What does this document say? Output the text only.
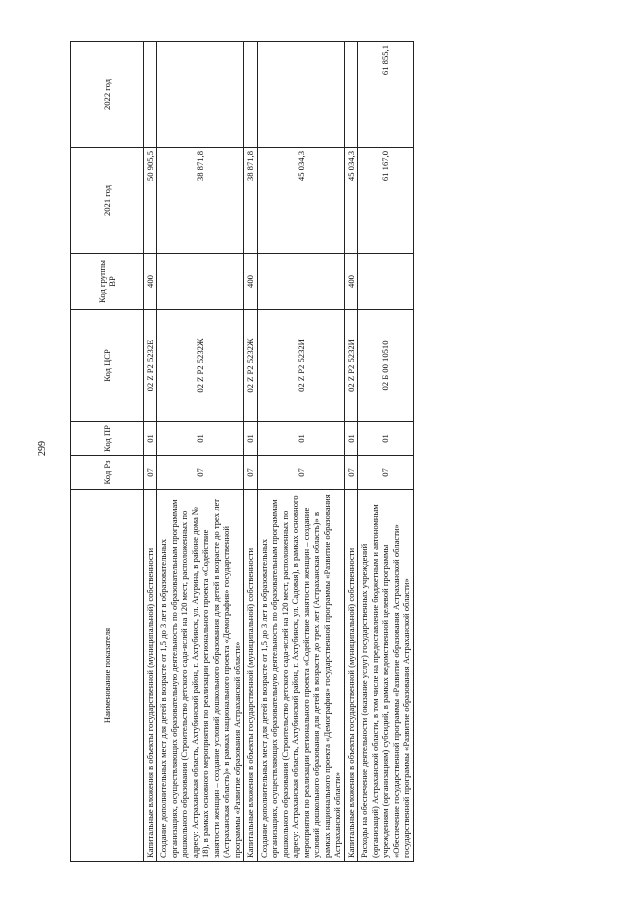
299
Наименование показателя	Код Рз	Код ПР	Код ЦСР	Код группы ВР	2021 год	2022 год
Капитальные вложения в объекты государственной (муниципальной) собственности	07	01	02 Z P2 5232Е	400	50 905,5	
Создание дополнительных мест для детей в возрасте от 1,5 до 3 лет в образовательных организациях, осуществляющих образовательную деятельность по образовательным программам дошкольного образования (Строительство детского сада-яслей на 120 мест, расположенных по адресу: Астраханская область, Ахтубинский район, г. Ахтубинск, ул. Агурина, в районе дома № 18), в рамках основного мероприятия по реализации регионального проекта «Содействие занятости женщин – создание условий дошкольного образования для детей в возрасте до трех лет (Астраханская область)» в рамках национального проекта «Демография» государственной программы «Развитие образования Астраханской области»	07	01	02 Z P2 5232Ж		38 871,8	
Капитальные вложения в объекты государственной (муниципальной) собственности	07	01	02 Z P2 5232Ж	400	38 871,8	
Создание дополнительных мест для детей в возрасте от 1,5 до 3 лет в образовательных организациях, осуществляющих образовательную деятельность по образовательным программам дошкольного образования (Строительство детского сада-яслей на 120 мест, расположенных по адресу: Астраханская область, Ахтубинский район, г. Ахтубинск, ул. Садовая), в рамках основного мероприятия по реализации регионального проекта «Содействие занятости женщин – создание условий дошкольного образования для детей в возрасте до трех лет (Астраханская область)» в рамках национального проекта «Демография» государственной программы «Развитие образования Астраханской области»	07	01	02 Z P2 5232И		45 034,3	
Капитальные вложения в объекты государственной (муниципальной) собственности	07	01	02 Z P2 5232И	400	45 034,3	
Расходы на обеспечение деятельности (оказание услуг) государственных учреждений (организаций) Астраханской области, в том числе на предоставление бюджетным и автономным учреждениям (организациям) субсидий, в рамках ведомственной целевой программы «Обеспечение государственной программы «Развитие образования Астраханской области» государственной программы «Развитие образования Астраханской области»	07	01	02 Б 00 10510		61 167,0	61 855,1
